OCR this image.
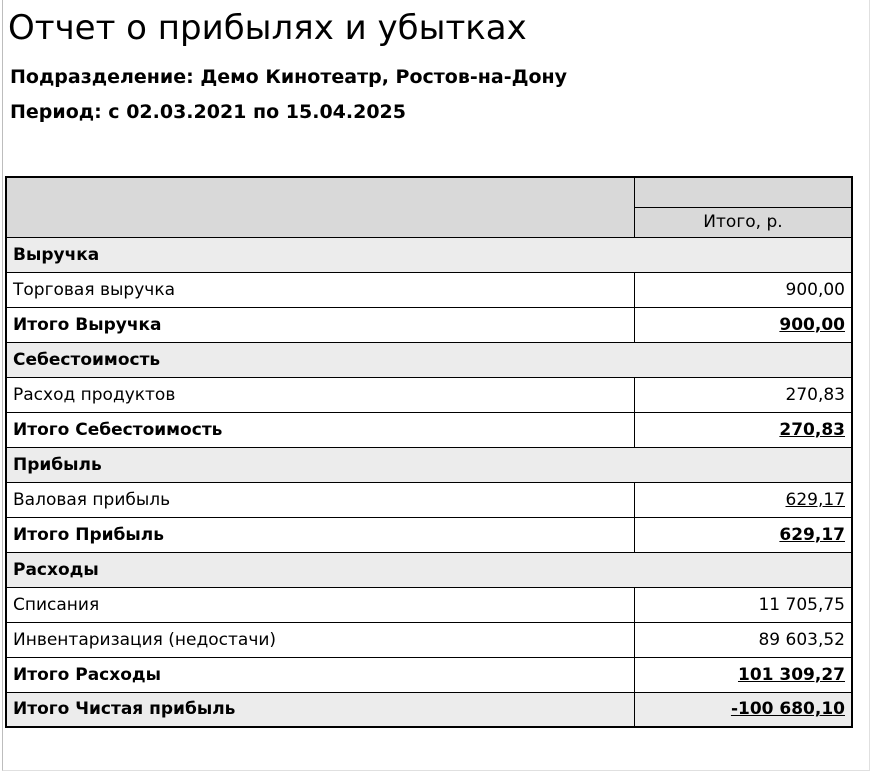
Отчет о прибылях и убытках
Подразделение: Демо Кинотеатр, Ростов-на-Дону
Период: с 02.03.2021 по 15.04.2025

	Итого, р.
Выручка	
Торговая выручка	900,00
Итого Выручка	900,00
Себестоимость	
Расход продуктов	270,83
Итого Себестоимость	270,83
Прибыль	
Валовая прибыль	629,17
Итого Прибыль	629,17
Расходы	
Списания	11 705,75
Инвентаризация (недостачи)	89 603,52
Итого Расходы	101 309,27
Итого Чистая прибыль	-100 680,10
